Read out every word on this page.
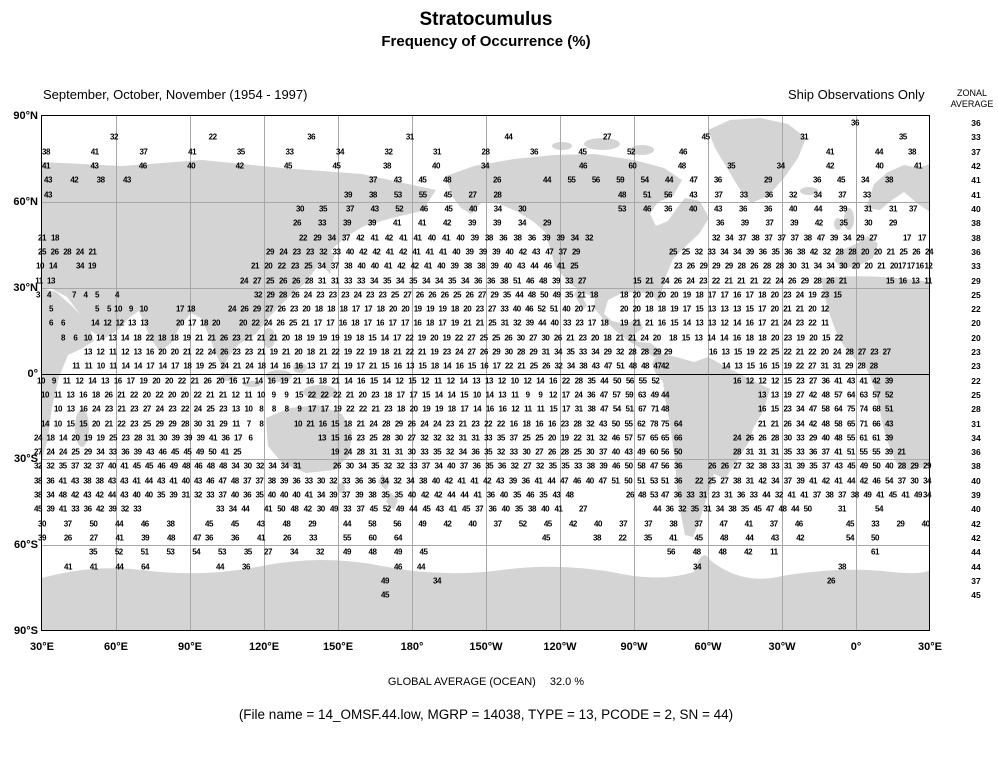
Stratocumulus
Frequency of Occurrence (%)
September, October, November (1954 - 1997)	Ship Observations Only	ZONAL
AVERAGE
36
32	22	36	31	44	27	45	31	35
38	41	37	41	35	33	34	32	31	28	36	45	52	46	41	44	38
41	43	46	40	42	45	45	38	40	34	46	60	48	35	34	42	40	41
43 42 38 43	37 43 45 48	26	44 55 56 59 54 44 47 36	29	36 45 34 38
43	39 38 53 55 45 27 28	48 51 56 43 37 33 36 32 34 37 33
30 35 37 43 52 46 45 40 34 30	53 46 36 40 43 36 36 40 44 39 31 31 37
26 33 39 39 41 41 42 39 39 34 29	36 39 37 39 42 35 30 29
21 18	22 29 34 37 42 41 42 41 41 40 41 40 39 38 36 38 36 39 39 34 32	32 34 37 38 37 37 37 38 47 39 34 29 27	17 17
25 26 28 24 21	29 24 23 23 32 33 40 42 42 41 42 41 41 41 40 39 39 39 40 42 43 47 37 29	25 25 32 33 34 34 39 36 35 36 38 42 32 28 28 20 20 21 25 26 24
10 14 34 19	21 20 22 23 25 34 37 38 40 40 41 42 42 41 40 39 38 38 39 40 43 44 46 41 25	23 26 29 29 29 28 26 28 28 30 31 34 34 30 20 20 21 20 17 17 16 12
11 13	24 27 25 26 26 28 31 31 33 33 34 35 34 35 34 34 35 34 36 36 38 51 46 48 39 33 27	15 21 24 26 24 23 22 21 21 21 22 24 26 29 28 26 21	15 16 13 11
3 4	7 4 5 4	32 29 28 26 24 23 23 23 24 23 23 25 27 26 26 26 25 26 27 29 35 44 48 50 49 35 21 18	18 20 20 20 20 19 18 17 17 16 17 18 20 23 24 19 23 15
5	5 5 10 9 10	17 18	24 26 29 27 26 23 20 18 18 18 17 17 18 20 20 19 19 19 18 20 23 27 33 40 46 52 51 40 20 17	20 20 18 18 19 17 15 13 13 13 15 17 20 21 21 20 12
6 6	14 12 12 13 13	20 17 18 20 20 22 24 26 25 21 17 17 16 18 17 16 17 17 16 18 17 19 21 21 25 31 32 39 44 40 33 23 17 18 19 21 21 16 15 14 13 13 12 14 16 17 21 24 23 22 11
8 6 10 14 13 14 18 22 18 18 19 21 21 26 23 21 21 21 20 18 19 19 19 19 18 15 14 17 22 19 20 19 22 27 25 25 26 30 27 30 26 21 23 20 18 21 21 24 20 18 15 13 14 14 16 18 18 20 23 19 20 15 22
13 12 11 12 13 16 20 20 21 22 24 26 23 23 21 19 21 20 18 21 22 19 22 19 18 21 22 21 19 23 24 27 26 29 30 28 29 31 34 35 33 34 29 32 28 28 29 29	16 13 15 19 22 25 22 21 22 20 24 28 27 23 27
11 11 10 11 14 14 17 14 17 18 19 25 24 21 24 18 14 16 16 13 17 21 19 17 21 15 16 13 15 18 14 16 15 16 17 22 21 25 26 32 34 38 43 47 51 48 48 47 42	14 13 15 16 15 19 22 27 31 31 29 28 28
10 9 11 12 14 13 16 17 19 20 20 22 21 26 20 16 17 14 16 19 21 16 18 21 14 16 15 14 12 15 12 11 12 14 13 13 12 10 12 14 16 22 28 35 44 50 56 55 52	16 12 12 12 15 23 27 36 41 43 41 42 39
10 11 13 16 18 26 21 22 20 22 20 20 22 21 21 12 11 10 9 9 15 22 22 22 21 20 23 18 17 17 15 14 14 15 10 14 13 11 9 9 12 17 24 36 47 57 59 63 49 44	13 13 19 27 42 48 57 64 63 57 52
10 13 16 24 23 21 23 27 24 23 22 24 25 23 13 10 8 8 8 9 17 17 19 22 22 21 23 18 20 19 19 18 17 14 16 16 12 11 11 15 17 31 38 47 54 51 67 71 48	16 15 23 34 47 58 64 75 74 68 51
14 10 15 15 20 21 22 23 25 29 29 28 30 31 29 11 7 8	10 21 16 15 18 21 24 28 29 26 24 24 23 21 23 22 22 16 18 16 16 23 28 32 43 50 55 62 78 75 64	21 21 26 34 42 48 58 65 71 66 43
24 18 14 20 19 19 25 23 28 31 30 39 39 39 41 36 17 6	13 15 16 23 25 28 30 27 32 32 32 31 31 33 35 37 25 25 20 19 22 31 32 46 57 57 65 65 66	24 26 26 28 30 33 29 40 48 55 61 61 39
27 24 24 25 29 34 33 36 39 43 46 45 45 49 50 41 25	19 24 28 31 31 31 30 33 35 32 34 36 35 32 33 30 27 26 28 25 30 37 40 43 49 60 56 50	28 31 31 31 35 33 36 37 41 51 55 55 39 21
32 32 35 37 32 37 40 41 45 45 46 49 48 46 48 48 34 30 32 34 34 31	26 30 34 35 32 32 33 37 34 40 37 36 35 36 32 27 32 35 35 33 38 39 46 50 58 47 56 36	26 26 27 32 38 33 31 39 35 37 43 45 49 50 40 28 29 29
38 36 41 43 38 38 43 43 41 44 43 41 40 43 46 47 48 37 37 38 39 36 33 30 32 33 36 36 34 32 34 38 40 42 41 41 42 43 39 36 41 44 47 46 40 47 51 50 51 53 51 36 22 25 27 38 31 42 34 37 39 41 42 41 44 42 46 54 37 30 34
38 34 48 42 43 42 44 43 40 40 35 39 31 32 33 37 40 36 35 40 40 40 41 34 39 37 39 38 35 35 40 42 42 44 44 41 36 40 35 46 35 43 48	26 48 53 47 36 33 31 23 31 36 33 44 32 41 41 37 38 37 38 49 41 45 41 49 34
45 39 41 33 36 42 39 32 33	33 34 44 41 50 48 42 30 49 33 37 45 52 49 44 45 43 41 45 37 36 40 35 38 40 41 27	44 36 32 35 31 34 38 35 45 47 48 44 50	31	54
30 37 50 44 46 38	45 45 43 48 29	44 58 56 49 42 40 37 52 45 42 40 37 37 38 37 47 41 37 46	45 33 29 40
39 26 27 41 39 48 47 36 36 41 26 33	55 60 64	45	38 22 35 41 45 48 44 43 42	54 50
35 52 51 53 54 53 35 27 34 32 49 48 49 45	56 48 48 42 11	61
41 41 44 64	44 36	46 44	34	38
49	34	26
45
36
33
37
42
41
41
40
38
38
36
33
29
25
22
20
20
23
23
22
25
28
31
34
36
38
40
39
40
42
42
44
44
37
45
30°E	60°E	90°E	120°E	150°E	180°	150°W	120°W	90°W	60°W	30°W	0°	30°E
90°N
60°N
30°N
0°
30°S
60°S
90°S
GLOBAL AVERAGE (OCEAN) 32.0 %
(File name = 14_OMSF.44.low, MGRP = 14038, TYPE = 13, PCODE = 2, SN = 44)
